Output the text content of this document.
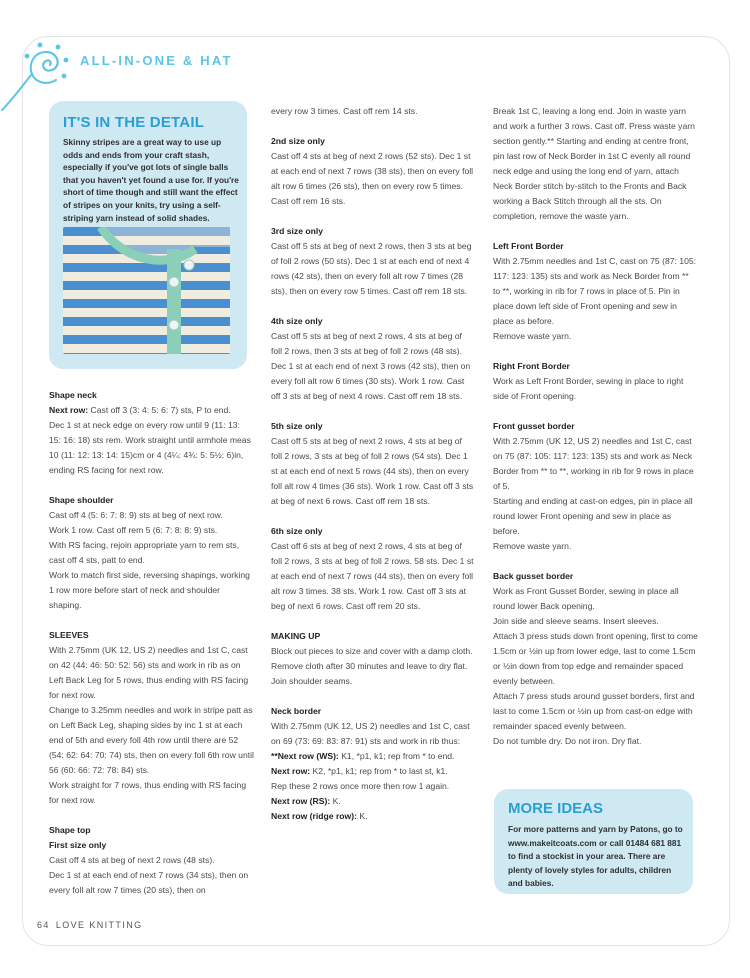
ALL-IN-ONE & HAT
IT'S IN THE DETAIL
Skinny stripes are a great way to use up odds and ends from your craft stash, especially if you've got lots of single balls that you haven't yet found a use for. If you're short of time though and still want the effect of stripes on your knits, try using a self-striping yarn instead of solid shades.

Shape neck

Next row: Cast off 3 (3: 4: 5: 6: 7) sts, P to end.

Dec 1 st at neck edge on every row until 9 (11: 13: 15: 16: 18) sts rem. Work straight until armhole meas 10 (11: 12: 13: 14: 15)cm or 4 (4¼: 4¾: 5: 5½: 6)in, ending RS facing for next row.

Shape shoulder

Cast off 4 (5: 6: 7: 8: 9) sts at beg of next row.

Work 1 row. Cast off rem 5 (6: 7: 8: 8: 9) sts.

With RS facing, rejoin appropriate yarn to rem sts, cast off 4 sts, patt to end.

Work to match first side, reversing shapings, working 1 row more before start of neck and shoulder shaping.

SLEEVES

With 2.75mm (UK 12, US 2) needles and 1st C, cast on 42 (44: 46: 50: 52: 56) sts and work in rib as on Left Back Leg for 5 rows, thus ending with RS facing for next row.

Change to 3.25mm needles and work in stripe patt as on Left Back Leg, shaping sides by inc 1 st at each end of 5th and every foll 4th row until there are 52 (54: 62: 64: 70: 74) sts, then on every foll 6th row until 56 (60: 66: 72: 78: 84) sts.

Work straight for 7 rows, thus ending with RS facing for next row.

Shape top

First size only

Cast off 4 sts at beg of next 2 rows (48 sts).

Dec 1 st at each end of next 7 rows (34 sts), then on every foll alt row 7 times (20 sts), then on

every row 3 times. Cast off rem 14 sts.

2nd size only

Cast off 4 sts at beg of next 2 rows (52 sts). Dec 1 st at each end of next 7 rows (38 sts), then on every foll alt row 6 times (26 sts), then on every row 5 times. Cast off rem 16 sts.

3rd size only

Cast off 5 sts at beg of next 2 rows, then 3 sts at beg of foll 2 rows (50 sts). Dec 1 st at each end of next 4 rows (42 sts), then on every foll alt row 7 times (28 sts), then on every row 5 times. Cast off rem 18 sts.

4th size only

Cast off 5 sts at beg of next 2 rows, 4 sts at beg of foll 2 rows, then 3 sts at beg of foll 2 rows (48 sts). Dec 1 st at each end of next 3 rows (42 sts), then on every foll alt row 6 times (30 sts). Work 1 row. Cast off 3 sts at beg of next 4 rows. Cast off rem 18 sts.

5th size only

Cast off 5 sts at beg of next 2 rows, 4 sts at beg of foll 2 rows, 3 sts at beg of foll 2 rows (54 sts). Dec 1 st at each end of next 5 rows (44 sts), then on every foll alt row 4 times (36 sts). Work 1 row. Cast off 3 sts at beg of next 6 rows. Cast off rem 18 sts.

6th size only

Cast off 6 sts at beg of next 2 rows, 4 sts at beg of foll 2 rows, 3 sts at beg of foll 2 rows. 58 sts. Dec 1 st at each end of next 7 rows (44 sts), then on every foll alt row 3 times. 38 sts. Work 1 row. Cast off 3 sts at beg of next 6 rows. Cast off rem 20 sts.

MAKING UP

Block out pieces to size and cover with a damp cloth. Remove cloth after 30 minutes and leave to dry flat. Join shoulder seams.

Neck border

With 2.75mm (UK 12, US 2) needles and 1st C, cast on 69 (73: 69: 83: 87: 91) sts and work in rib thus:

**Next row (WS): K1, *p1, k1; rep from * to end.

Next row: K2, *p1, k1; rep from * to last st, k1.

Rep these 2 rows once more then row 1 again.

Next row (RS): K.

Next row (ridge row): K.

Break 1st C, leaving a long end. Join in waste yarn and work a further 3 rows. Cast off. Press waste yarn section gently.** Starting and ending at centre front, pin last row of Neck Border in 1st C evenly all round neck edge and using the long end of yarn, attach Neck Border stitch by-stitch to the Fronts and Back working a Back Stitch through all the sts. On completion, remove the waste yarn.

Left Front Border

With 2.75mm needles and 1st C, cast on 75 (87: 105: 117: 123: 135) sts and work as Neck Border from ** to **, working in rib for 7 rows in place of 5. Pin in place down left side of Front opening and sew in place as before.

Remove waste yarn.

Right Front Border

Work as Left Front Border, sewing in place to right side of Front opening.

Front gusset border

With 2.75mm (UK 12, US 2) needles and 1st C, cast on 75 (87: 105: 117: 123: 135) sts and work as Neck Border from ** to **, working in rib for 9 rows in place of 5.

Starting and ending at cast-on edges, pin in place all round lower Front opening and sew in place as before.

Remove waste yarn.

Back gusset border

Work as Front Gusset Border, sewing in place all round lower Back opening.

Join side and sleeve seams. Insert sleeves.

Attach 3 press studs down front opening, first to come 1.5cm or ½in up from lower edge, last to come 1.5cm or ½in down from top edge and remainder spaced evenly between.

Attach 7 press studs around gusset borders, first and last to come 1.5cm or ½in up from cast-on edge with remainder spaced evenly between.

Do not tumble dry. Do not iron. Dry flat.

MORE IDEAS
For more patterns and yarn by Patons, go to www.makeitcoats.com or call 01484 681 881 to find a stockist in your area. There are plenty of lovely styles for adults, children and babies.
64 LOVE KNITTING
